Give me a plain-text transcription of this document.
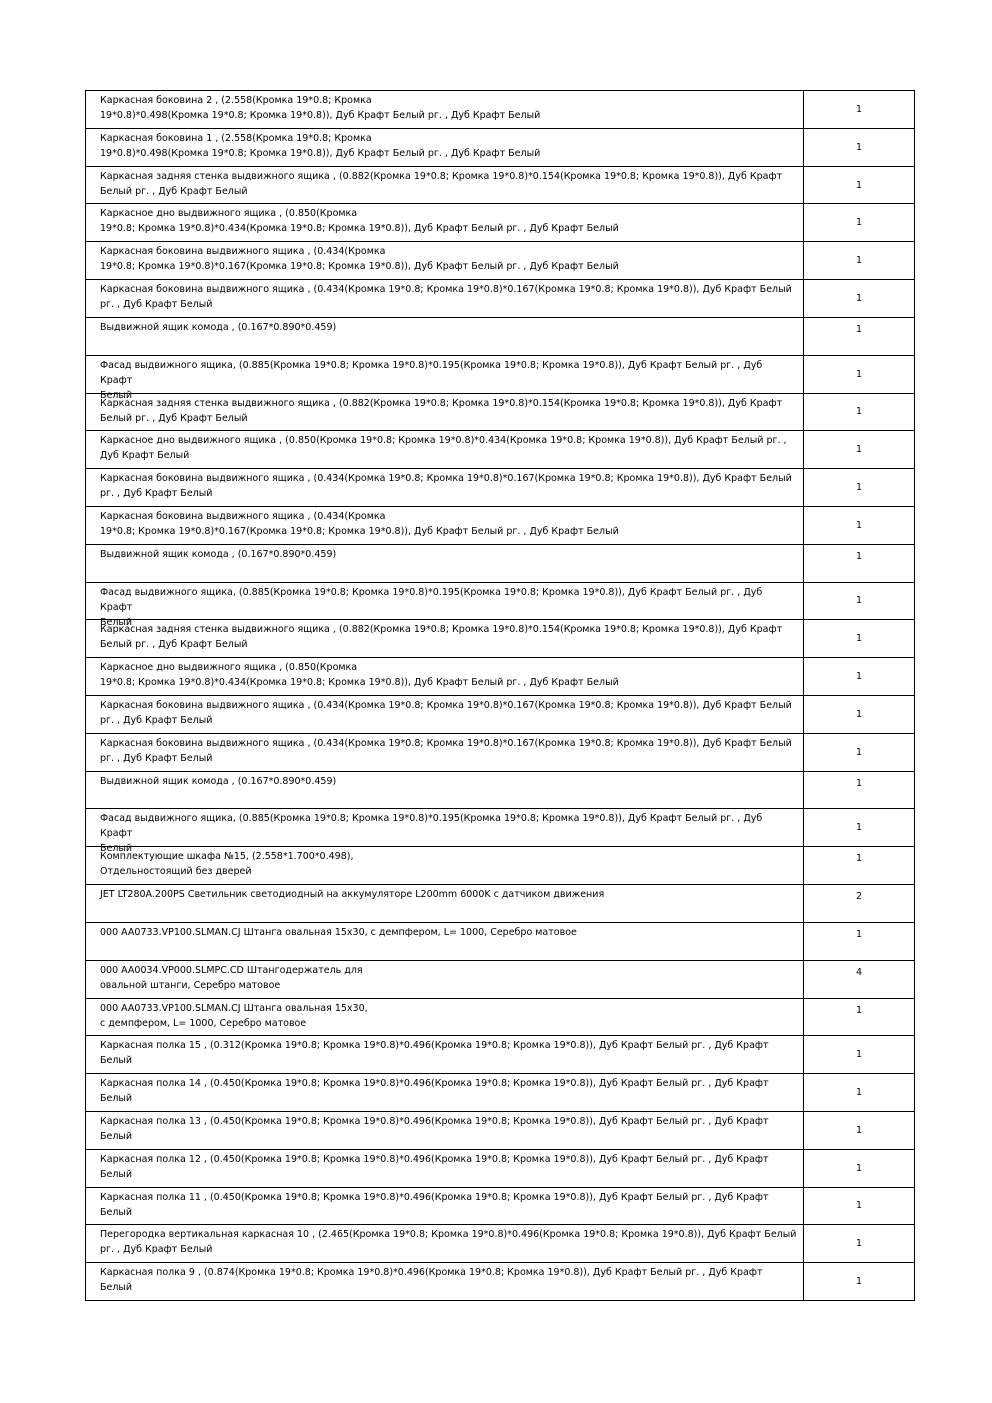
Каркасная боковина 2 , (2.558(Кромка 19*0.8; Кромка
19*0.8)*0.498(Кромка 19*0.8; Кромка 19*0.8)), Дуб Крафт Белый рг. , Дуб Крафт Белый	1

Каркасная боковина 1 , (2.558(Кромка 19*0.8; Кромка
19*0.8)*0.498(Кромка 19*0.8; Кромка 19*0.8)), Дуб Крафт Белый рг. , Дуб Крафт Белый	1

Каркасная задняя стенка выдвижного ящика , (0.882(Кромка 19*0.8; Кромка 19*0.8)*0.154(Кромка 19*0.8; Кромка 19*0.8)), Дуб Крафт
Белый рг. , Дуб Крафт Белый	1

Каркасное дно выдвижного ящика , (0.850(Кромка
19*0.8; Кромка 19*0.8)*0.434(Кромка 19*0.8; Кромка 19*0.8)), Дуб Крафт Белый рг. , Дуб Крафт Белый	1

Каркасная боковина выдвижного ящика , (0.434(Кромка
19*0.8; Кромка 19*0.8)*0.167(Кромка 19*0.8; Кромка 19*0.8)), Дуб Крафт Белый рг. , Дуб Крафт Белый	1

Каркасная боковина выдвижного ящика , (0.434(Кромка 19*0.8; Кромка 19*0.8)*0.167(Кромка 19*0.8; Кромка 19*0.8)), Дуб Крафт Белый
рг. , Дуб Крафт Белый	1

Выдвижной ящик комода , (0.167*0.890*0.459)	1

Фасад выдвижного ящика, (0.885(Кромка 19*0.8; Кромка 19*0.8)*0.195(Кромка 19*0.8; Кромка 19*0.8)), Дуб Крафт Белый рг. , Дуб Крафт
Белый	1

Каркасная задняя стенка выдвижного ящика , (0.882(Кромка 19*0.8; Кромка 19*0.8)*0.154(Кромка 19*0.8; Кромка 19*0.8)), Дуб Крафт
Белый рг. , Дуб Крафт Белый	1

Каркасное дно выдвижного ящика , (0.850(Кромка 19*0.8; Кромка 19*0.8)*0.434(Кромка 19*0.8; Кромка 19*0.8)), Дуб Крафт Белый рг. ,
Дуб Крафт Белый	1

Каркасная боковина выдвижного ящика , (0.434(Кромка 19*0.8; Кромка 19*0.8)*0.167(Кромка 19*0.8; Кромка 19*0.8)), Дуб Крафт Белый
рг. , Дуб Крафт Белый	1

Каркасная боковина выдвижного ящика , (0.434(Кромка
19*0.8; Кромка 19*0.8)*0.167(Кромка 19*0.8; Кромка 19*0.8)), Дуб Крафт Белый рг. , Дуб Крафт Белый	1

Выдвижной ящик комода , (0.167*0.890*0.459)	1

Фасад выдвижного ящика, (0.885(Кромка 19*0.8; Кромка 19*0.8)*0.195(Кромка 19*0.8; Кромка 19*0.8)), Дуб Крафт Белый рг. , Дуб Крафт
Белый	1

Каркасная задняя стенка выдвижного ящика , (0.882(Кромка 19*0.8; Кромка 19*0.8)*0.154(Кромка 19*0.8; Кромка 19*0.8)), Дуб Крафт
Белый рг. , Дуб Крафт Белый	1

Каркасное дно выдвижного ящика , (0.850(Кромка
19*0.8; Кромка 19*0.8)*0.434(Кромка 19*0.8; Кромка 19*0.8)), Дуб Крафт Белый рг. , Дуб Крафт Белый	1

Каркасная боковина выдвижного ящика , (0.434(Кромка 19*0.8; Кромка 19*0.8)*0.167(Кромка 19*0.8; Кромка 19*0.8)), Дуб Крафт Белый
рг. , Дуб Крафт Белый	1

Каркасная боковина выдвижного ящика , (0.434(Кромка 19*0.8; Кромка 19*0.8)*0.167(Кромка 19*0.8; Кромка 19*0.8)), Дуб Крафт Белый
рг. , Дуб Крафт Белый	1

Выдвижной ящик комода , (0.167*0.890*0.459)	1

Фасад выдвижного ящика, (0.885(Кромка 19*0.8; Кромка 19*0.8)*0.195(Кромка 19*0.8; Кромка 19*0.8)), Дуб Крафт Белый рг. , Дуб Крафт
Белый	1

Комплектующие шкафа №15, (2.558*1.700*0.498),
Отдельностоящий без дверей	1

JET LT280A.200PS Светильник светодиодный на аккумуляторе L200mm 6000K с датчиком движения	2

000 AA0733.VP100.SLMAN.CJ Штанга овальная 15x30, с демпфером, L= 1000, Серебро матовое	1

000 AA0034.VP000.SLMPC.CD Штангодержатель для
овальной штанги, Серебро матовое	4

000 AA0733.VP100.SLMAN.CJ Штанга овальная 15x30,
с демпфером, L= 1000, Серебро матовое	1

Каркасная полка 15 , (0.312(Кромка 19*0.8; Кромка 19*0.8)*0.496(Кромка 19*0.8; Кромка 19*0.8)), Дуб Крафт Белый рг. , Дуб Крафт Белый	1

Каркасная полка 14 , (0.450(Кромка 19*0.8; Кромка 19*0.8)*0.496(Кромка 19*0.8; Кромка 19*0.8)), Дуб Крафт Белый рг. , Дуб Крафт Белый	1

Каркасная полка 13 , (0.450(Кромка 19*0.8; Кромка 19*0.8)*0.496(Кромка 19*0.8; Кромка 19*0.8)), Дуб Крафт Белый рг. , Дуб Крафт Белый	1

Каркасная полка 12 , (0.450(Кромка 19*0.8; Кромка 19*0.8)*0.496(Кромка 19*0.8; Кромка 19*0.8)), Дуб Крафт Белый рг. , Дуб Крафт Белый	1

Каркасная полка 11 , (0.450(Кромка 19*0.8; Кромка 19*0.8)*0.496(Кромка 19*0.8; Кромка 19*0.8)), Дуб Крафт Белый рг. , Дуб Крафт Белый	1

Перегородка вертикальная каркасная 10 , (2.465(Кромка 19*0.8; Кромка 19*0.8)*0.496(Кромка 19*0.8; Кромка 19*0.8)), Дуб Крафт Белый
рг. , Дуб Крафт Белый	1

Каркасная полка 9 , (0.874(Кромка 19*0.8; Кромка 19*0.8)*0.496(Кромка 19*0.8; Кромка 19*0.8)), Дуб Крафт Белый рг. , Дуб Крафт Белый	1
